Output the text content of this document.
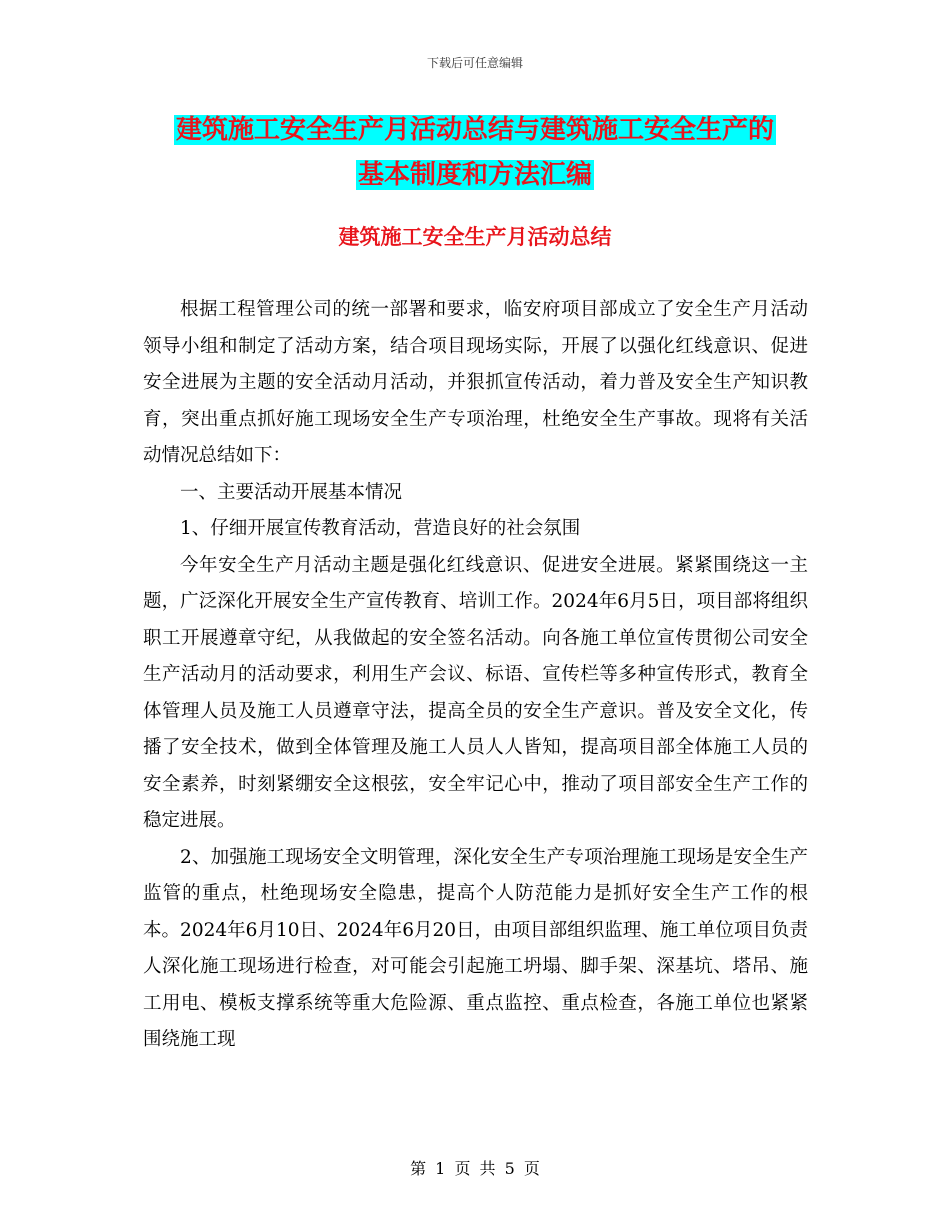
下载后可任意编辑
建筑施工安全生产月活动总结与建筑施工安全生产的
基本制度和方法汇编
建筑施工安全生产月活动总结

根据工程管理公司的统一部署和要求，临安府项目部成立了安全生产月活动领导小组和制定了活动方案，结合项目现场实际，开展了以强化红线意识、促进安全进展为主题的安全活动月活动，并狠抓宣传活动，着力普及安全生产知识教育，突出重点抓好施工现场安全生产专项治理，杜绝安全生产事故。现将有关活动情况总结如下：

一、主要活动开展基本情况

1、仔细开展宣传教育活动，营造良好的社会氛围

今年安全生产月活动主题是强化红线意识、促进安全进展。紧紧围绕这一主题，广泛深化开展安全生产宣传教育、培训工作。2024年6月5日，项目部将组织职工开展遵章守纪，从我做起的安全签名活动。向各施工单位宣传贯彻公司安全生产活动月的活动要求，利用生产会议、标语、宣传栏等多种宣传形式，教育全体管理人员及施工人员遵章守法，提高全员的安全生产意识。普及安全文化，传播了安全技术，做到全体管理及施工人员人人皆知，提高项目部全体施工人员的安全素养，时刻紧绷安全这根弦，安全牢记心中，推动了项目部安全生产工作的稳定进展。

2、加强施工现场安全文明管理，深化安全生产专项治理施工现场是安全生产监管的重点，杜绝现场安全隐患，提高个人防范能力是抓好安全生产工作的根本。2024年6月10日、2024年6月20日，由项目部组织监理、施工单位项目负责人深化施工现场进行检查，对可能会引起施工坍塌、脚手架、深基坑、塔吊、施工用电、模板支撑系统等重大危险源、重点监控、重点检查，各施工单位也紧紧围绕施工现

第 1 页 共 5 页
